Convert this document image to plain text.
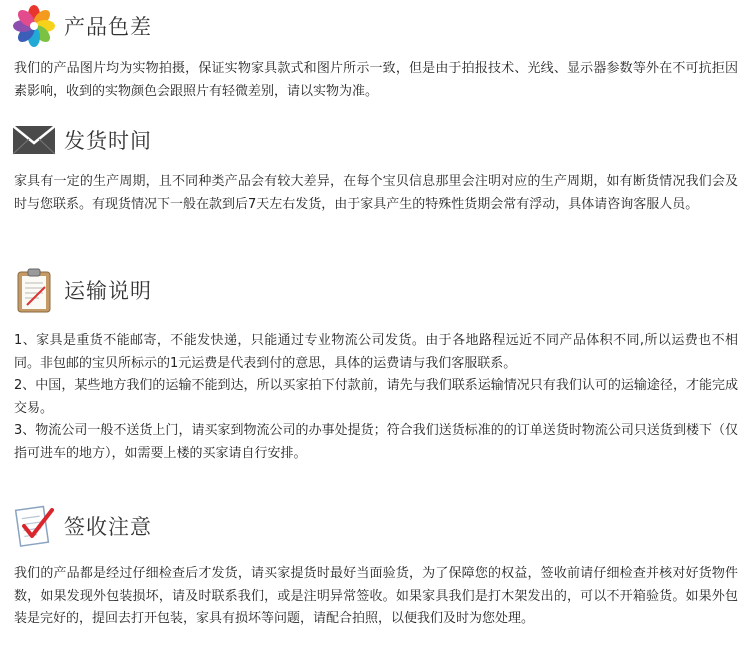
产品色差
我们的产品图片均为实物拍摄，保证实物家具款式和图片所示一致，但是由于拍报技术、光线、显示器参数等外在不可抗拒因素影响，收到的实物颜色会跟照片有轻微差别，请以实物为准。
发货时间
家具有一定的生产周期，且不同种类产品会有较大差异，在每个宝贝信息那里会注明对应的生产周期，如有断货情况我们会及时与您联系。有现货情况下一般在款到后7天左右发货，由于家具产生的特殊性货期会常有浮动，具体请咨询客服人员。
运输说明
1、家具是重货不能邮寄，不能发快递，只能通过专业物流公司发货。由于各地路程远近不同产品体积不同,所以运费也不相同。非包邮的宝贝所标示的1元运费是代表到付的意思，具体的运费请与我们客服联系。
2、中国，某些地方我们的运输不能到达，所以买家拍下付款前，请先与我们联系运输情况只有我们认可的运输途径，才能完成交易。
3、物流公司一般不送货上门，请买家到物流公司的办事处提货；符合我们送货标准的的订单送货时物流公司只送货到楼下（仅指可进车的地方），如需要上楼的买家请自行安排。
签收注意
我们的产品都是经过仔细检查后才发货，请买家提货时最好当面验货，为了保障您的权益，签收前请仔细检查并核对好货物件数，如果发现外包装损坏，请及时联系我们，或是注明异常签收。如果家具我们是打木架发出的，可以不开箱验货。如果外包装是完好的，提回去打开包装，家具有损坏等问题，请配合拍照，以便我们及时为您处理。
